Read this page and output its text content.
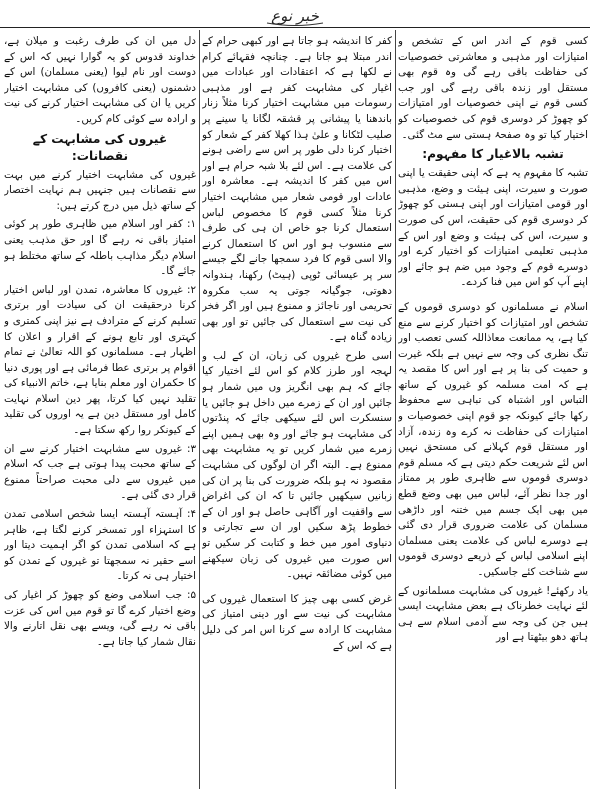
خبر نوع

کسی قوم کے اندر اس کے تشخص و امتیازات اور مذہبی و معاشرتی خصوصیات کی حفاظت باقی رہے گی وہ قوم بھی مستقل اور زندہ باقی رہے گی اور جب کسی قوم نے اپنی خصوصیات اور امتیازات کو چھوڑ کر دوسری قوم کی خصوصیات کو اختیار کیا تو وہ صفحۂ ہستی سے مٹ گئی۔

تشبہ بالاغیار کا مفہوم:

تشبہ کا مفہوم یہ ہے کہ اپنی حقیقت یا اپنی صورت و سیرت، اپنی ہیئت و وضع، مذہبی اور قومی امتیازات اور اپنی ہستی کو چھوڑ کر دوسری قوم کی حقیقت، اس کی صورت و سیرت، اس کی ہیئت و وضع اور اس کے مذہبی تعلیمی امتیازات کو اختیار کرے اور دوسرے قوم کے وجود میں ضم ہو جائے اور اپنے آپ کو اس میں فنا کردے۔

اسلام نے مسلمانوں کو دوسری قوموں کے تشخص اور امتیازات کو اختیار کرنے سے منع کیا ہے، یہ ممانعت معاذاللہ کسی تعصب اور تنگ نظری کی وجہ سے نہیں ہے بلکہ غیرت و حمیت کی بنا پر ہے اور اس کا مقصد یہ ہے کہ امت مسلمہ کو غیروں کے ساتھ التباس اور اشتباہ کی تباہی سے محفوظ رکھا جائے کیونکہ جو قوم اپنی خصوصیات و امتیازات کی حفاظت نہ کرے وہ زندہ، آزاد اور مستقل قوم کہلانے کی مستحق نہیں اس لئے شریعت حکم دیتی ہے کہ مسلم قوم دوسری قوموں سے ظاہری طور پر ممتاز اور جدا نظر آئے، لباس میں بھی وضع قطع میں بھی ایک جسم میں ختنہ اور داڑھی مسلمان کی علامت ضروری قرار دی گئی ہے دوسرے لباس کی علامت یعنی مسلمان اپنے اسلامی لباس کے ذریعے دوسری قوموں سے شناخت کئے جاسکیں۔

یاد رکھئے! غیروں کی مشابہت مسلمانوں کے لئے نہایت خطرناک ہے بعض مشابہت ایسی ہیں جن کی وجہ سے آدمی اسلام سے ہی ہاتھ دھو بیٹھتا ہے اور

کفر کا اندیشہ ہو جاتا ہے اور کبھی حرام کے اندر مبتلا ہو جاتا ہے۔ چنانچہ فقہائے کرام نے لکھا ہے کہ اعتقادات اور عبادات میں اغیار کی مشابہت کفر ہے اور مذہبی رسومات میں مشابہت اختیار کرنا مثلاً زنار باندھنا یا پیشانی پر قشقہ لگانا یا سینے پر صلیب لٹکانا و علیٰ ہذا کھلا کفر کے شعار کو اختیار کرنا دلی طور پر اس سے راضی ہونے کی علامت ہے۔ اس لئے بلا شبہ حرام ہے اور اس میں کفر کا اندیشہ ہے۔ معاشرہ اور عادات اور قومی شعار میں مشابہت اختیار کرنا مثلاً کسی قوم کا مخصوص لباس استعمال کرنا جو خاص ان ہی کی طرف سے منسوب ہو اور اس کا استعمال کرنے والا اسی قوم کا فرد سمجھا جانے لگے جیسے سر پر عیسائی ٹوپی (ہیٹ) رکھنا، ہندوانہ دھوتی، جوگیانہ جوتی یہ سب مکروہ تحریمی اور ناجائز و ممنوع ہیں اور اگر فخر کی نیت سے استعمال کی جائیں تو اور بھی زیادہ گناہ ہے۔

اسی طرح غیروں کی زبان، ان کے لب و لہجہ اور طرز کلام کو اس لئے اختیار کیا جائے کہ ہم بھی انگریز وں میں شمار ہو جائیں اور ان کے زمرے میں داخل ہو جائیں یا سنسکرت اس لئے سیکھی جائے کہ پنڈتوں کی مشابہت ہو جائے اور وہ بھی ہمیں اپنے زمرے میں شمار کریں تو یہ مشابہت بھی ممنوع ہے۔ البتہ اگر ان لوگوں کی مشابہت مقصود نہ ہو بلکہ ضرورت کی بنا پر ان کی زبانیں سیکھیں جائیں تا کہ ان کی اغراض سے واقفیت اور آگاہی حاصل ہو اور ان کے خطوط پڑھ سکیں اور ان سے تجارتی و دنیاوی امور میں خط و کتابت کر سکیں تو اس صورت میں غیروں کی زبان سیکھنے میں کوئی مضائقہ نہیں۔

غرض کسی بھی چیز کا استعمال غیروں کی مشابہت کی نیت سے اور دینی امتیاز کی مشابہت کا ارادہ سے کرنا اس امر کی دلیل ہے کہ اس کے

دل میں ان کی طرف رغبت و میلان ہے، خداوند قدوس کو یہ گوارا نہیں کہ اس کے دوست اور نام لیوا (یعنی مسلمان) اس کے دشمنوں (یعنی کافروں) کی مشابہت اختیار کریں یا ان کی مشابہت اختیار کرنے کی نیت و ارادہ سے کوئی کام کریں۔

غیروں کی مشابہت کے نقصانات:

غیروں کی مشابہت اختیار کرنے میں بہت سے نقصانات ہیں جنہیں ہم نہایت اختصار کے ساتھ ذیل میں درج کرتے ہیں:

۱: کفر اور اسلام میں ظاہری طور پر کوئی امتیاز باقی نہ رہے گا اور حق مذہب یعنی اسلام دیگر مذاہب باطلہ کے ساتھ مختلط ہو جائے گا۔

۲: غیروں کا معاشرہ، تمدن اور لباس اختیار کرنا درحقیقت ان کی سیادت اور برتری تسلیم کرنے کے مترادف ہے نیز اپنی کمتری و کہتری اور تابع ہونے کے اقرار و اعلان کا اظہار ہے۔ مسلمانوں کو اللہ تعالیٰ نے تمام اقوام پر برتری عطا فرمائی ہے اور پوری دنیا کا حکمران اور معلم بنایا ہے، خاتم الانبیاء کی تقلید نہیں کیا کرتا، پھر دین اسلام نہایت کامل اور مستقل دین ہے یہ اوروں کی تقلید کے کیونکر روا رکھ سکتا ہے۔

۳: غیروں سے مشابہت اختیار کرنے سے ان کے ساتھ محبت پیدا ہوتی ہے جب کہ اسلام میں غیروں سے دلی محبت صراحتاً ممنوع قرار دی گئی ہے۔

۴: آہستہ آہستہ ایسا شخص اسلامی تمدن کا استہزاء اور تمسخر کرنے لگتا ہے، ظاہر ہے کہ اسلامی تمدن کو اگر اہمیت دیتا اور اسے حقیر نہ سمجھتا تو غیروں کے تمدن کو اختیار ہی نہ کرتا۔

۵: جب اسلامی وضع کو چھوڑ کر اغیار کی وضع اختیار کرے گا تو قوم میں اس کی عزت باقی نہ رہے گی، ویسے بھی نقل اتارنے والا نقال شمار کیا جاتا ہے۔
